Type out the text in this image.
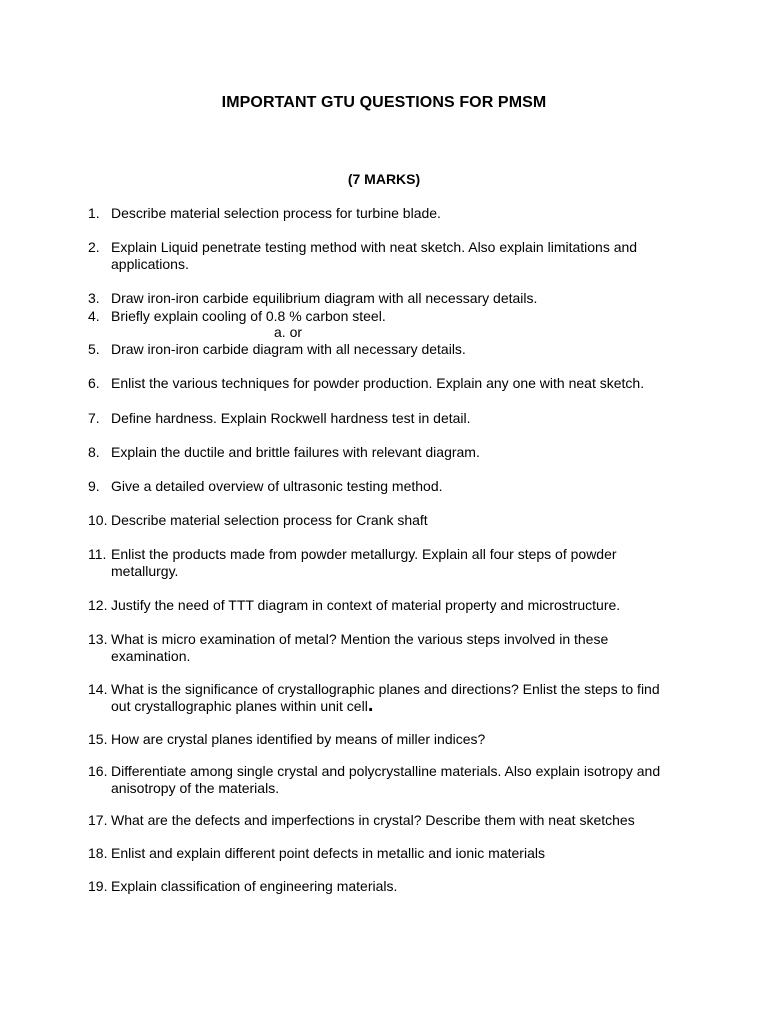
IMPORTANT GTU QUESTIONS FOR PMSM
(7 MARKS)
1. Describe material selection process for turbine blade.
2. Explain Liquid penetrate testing method with neat sketch. Also explain limitations and applications.
3. Draw iron-iron carbide equilibrium diagram with all necessary details.
4. Briefly explain cooling of 0.8 % carbon steel.
a. or
5. Draw iron-iron carbide diagram with all necessary details.
6. Enlist the various techniques for powder production. Explain any one with neat sketch.
7. Define hardness. Explain Rockwell hardness test in detail.
8. Explain the ductile and brittle failures with relevant diagram.
9. Give a detailed overview of ultrasonic testing method.
10. Describe material selection process for Crank shaft
11. Enlist the products made from powder metallurgy. Explain all four steps of powder metallurgy.
12. Justify the need of TTT diagram in context of material property and microstructure.
13. What is micro examination of metal? Mention the various steps involved in these examination.
14. What is the significance of crystallographic planes and directions? Enlist the steps to find out crystallographic planes within unit cell.
15. How are crystal planes identified by means of miller indices?
16. Differentiate among single crystal and polycrystalline materials. Also explain isotropy and anisotropy of the materials.
17. What are the defects and imperfections in crystal? Describe them with neat sketches
18. Enlist and explain different point defects in metallic and ionic materials
19. Explain classification of engineering materials.
